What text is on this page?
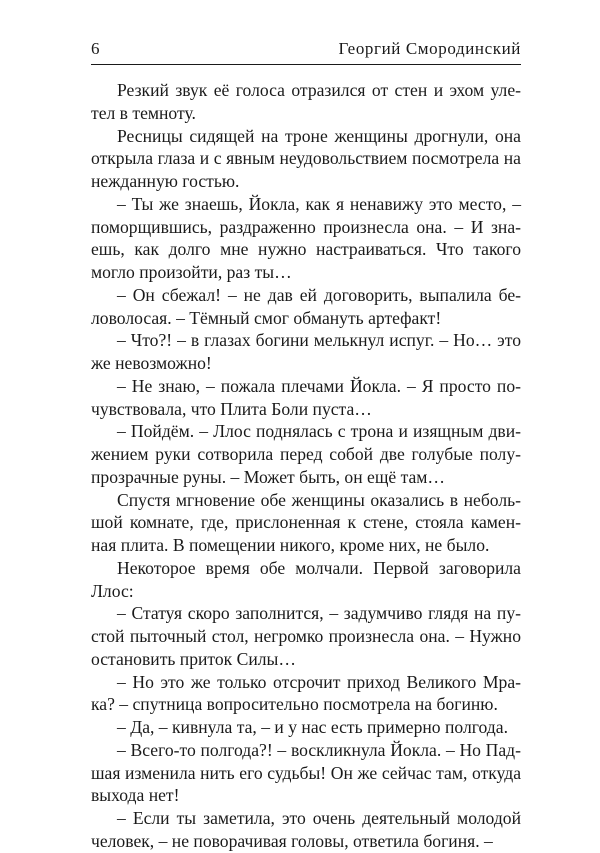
6	Георгий Смородинский

Резкий звук её голоса отразился от стен и эхом улетел в темноту.

Ресницы сидящей на троне женщины дрогнули, она открыла глаза и с явным неудовольствием посмотрела на нежданную гостью.

– Ты же знаешь, Йокла, как я ненавижу это место, – поморщившись, раздраженно произнесла она. – И знаешь, как долго мне нужно настраиваться. Что такого могло произойти, раз ты…

– Он сбежал! – не дав ей договорить, выпалила беловолосая. – Тёмный смог обмануть артефакт!

– Что?! – в глазах богини мелькнул испуг. – Но… это же невозможно!

– Не знаю, – пожала плечами Йокла. – Я просто почувствовала, что Плита Боли пуста…

– Пойдём. – Ллос поднялась с трона и изящным движением руки сотворила перед собой две голубые полупрозрачные руны. – Может быть, он ещё там…

Спустя мгновение обе женщины оказались в небольшой комнате, где, прислоненная к стене, стояла каменная плита. В помещении никого, кроме них, не было.

Некоторое время обе молчали. Первой заговорила Ллос:

– Статуя скоро заполнится, – задумчиво глядя на пустой пыточный стол, негромко произнесла она. – Нужно остановить приток Силы…

– Но это же только отсрочит приход Великого Мрака? – спутница вопросительно посмотрела на богиню.

– Да, – кивнула та, – и у нас есть примерно полгода.

– Всего-то полгода?! – воскликнула Йокла. – Но Падшая изменила нить его судьбы! Он же сейчас там, откуда выхода нет!

– Если ты заметила, это очень деятельный молодой человек, – не поворачивая головы, ответила богиня. –
